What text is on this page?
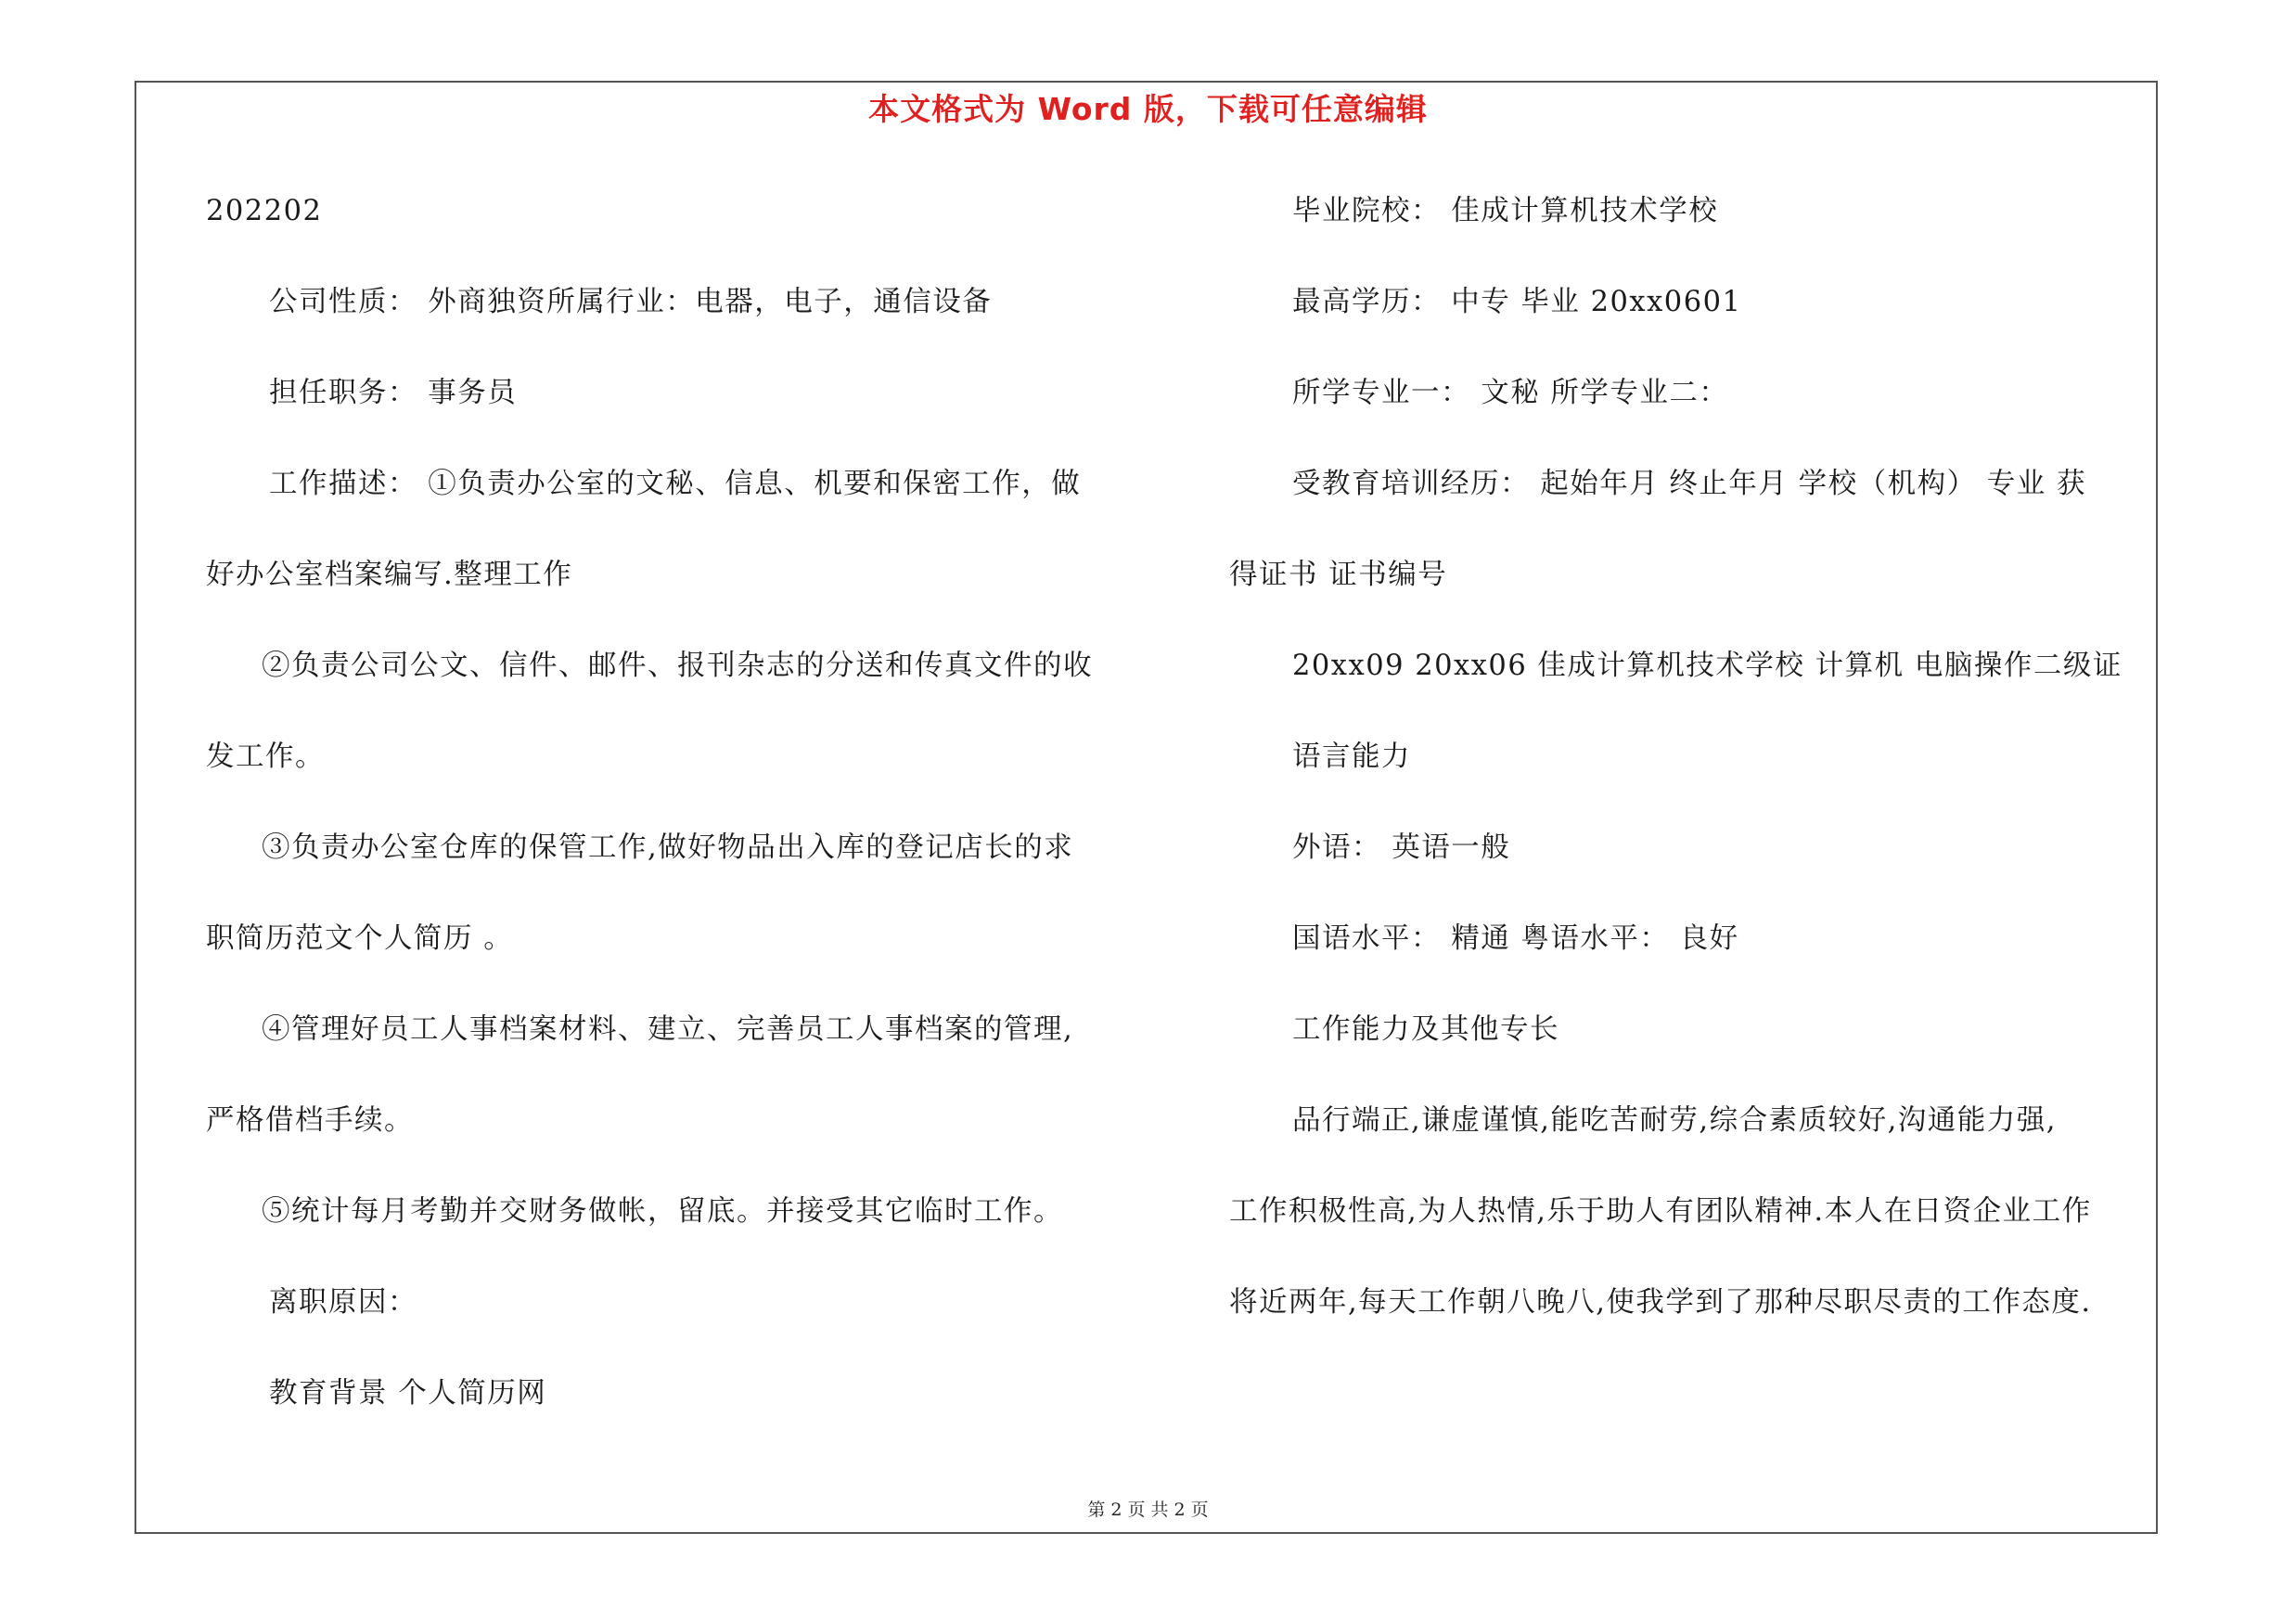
本文格式为 Word 版，下载可任意编辑
202202
公司性质： 外商独资所属行业：电器，电子，通信设备
担任职务： 事务员
工作描述： ①负责办公室的文秘、信息、机要和保密工作，做
好办公室档案编写.整理工作
②负责公司公文、信件、邮件、报刊杂志的分送和传真文件的收
发工作。
③负责办公室仓库的保管工作,做好物品出入库的登记店长的求
职简历范文个人简历 。
④管理好员工人事档案材料、建立、完善员工人事档案的管理,
严格借档手续。
⑤统计每月考勤并交财务做帐，留底。并接受其它临时工作。
离职原因：
教育背景 个人简历网
毕业院校： 佳成计算机技术学校
最高学历： 中专 毕业 20xx0601
所学专业一： 文秘 所学专业二：
受教育培训经历： 起始年月 终止年月 学校（机构） 专业 获
得证书 证书编号
20xx09 20xx06 佳成计算机技术学校 计算机 电脑操作二级证
语言能力
外语： 英语一般
国语水平： 精通 粤语水平： 良好
工作能力及其他专长
品行端正,谦虚谨慎,能吃苦耐劳,综合素质较好,沟通能力强,
工作积极性高,为人热情,乐于助人有团队精神.本人在日资企业工作
将近两年,每天工作朝八晚八,使我学到了那种尽职尽责的工作态度.
第 2 页 共 2 页
